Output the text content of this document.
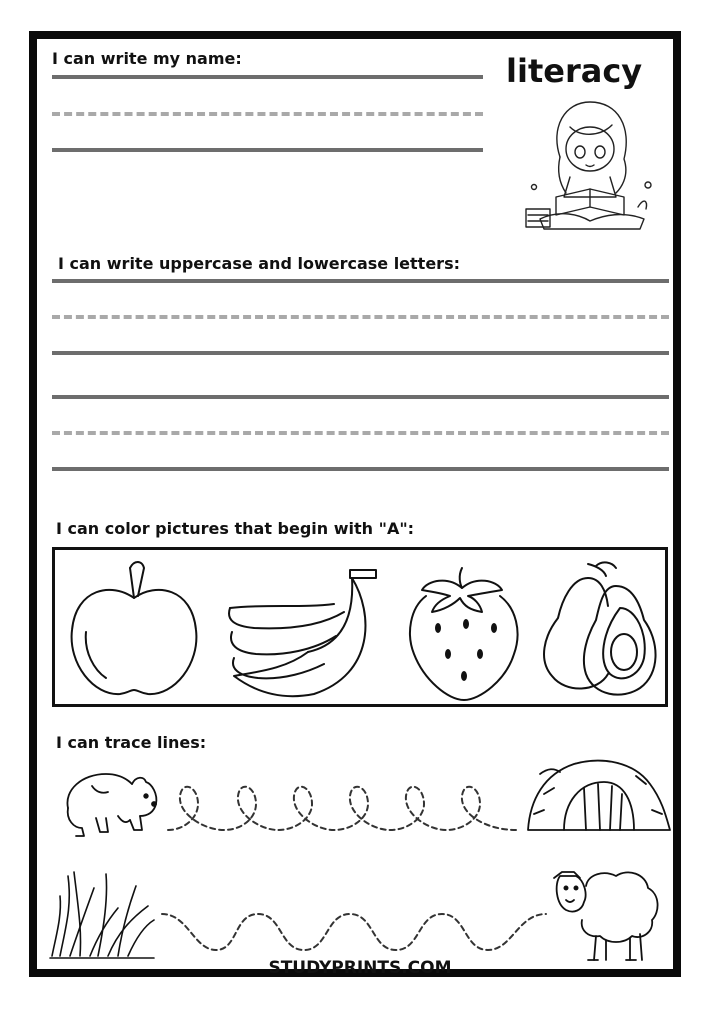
I can write my name:	literacy
I can write uppercase and lowercase letters:
I can color pictures that begin with "A":
I can trace lines:
STUDYPRINTS.COM
